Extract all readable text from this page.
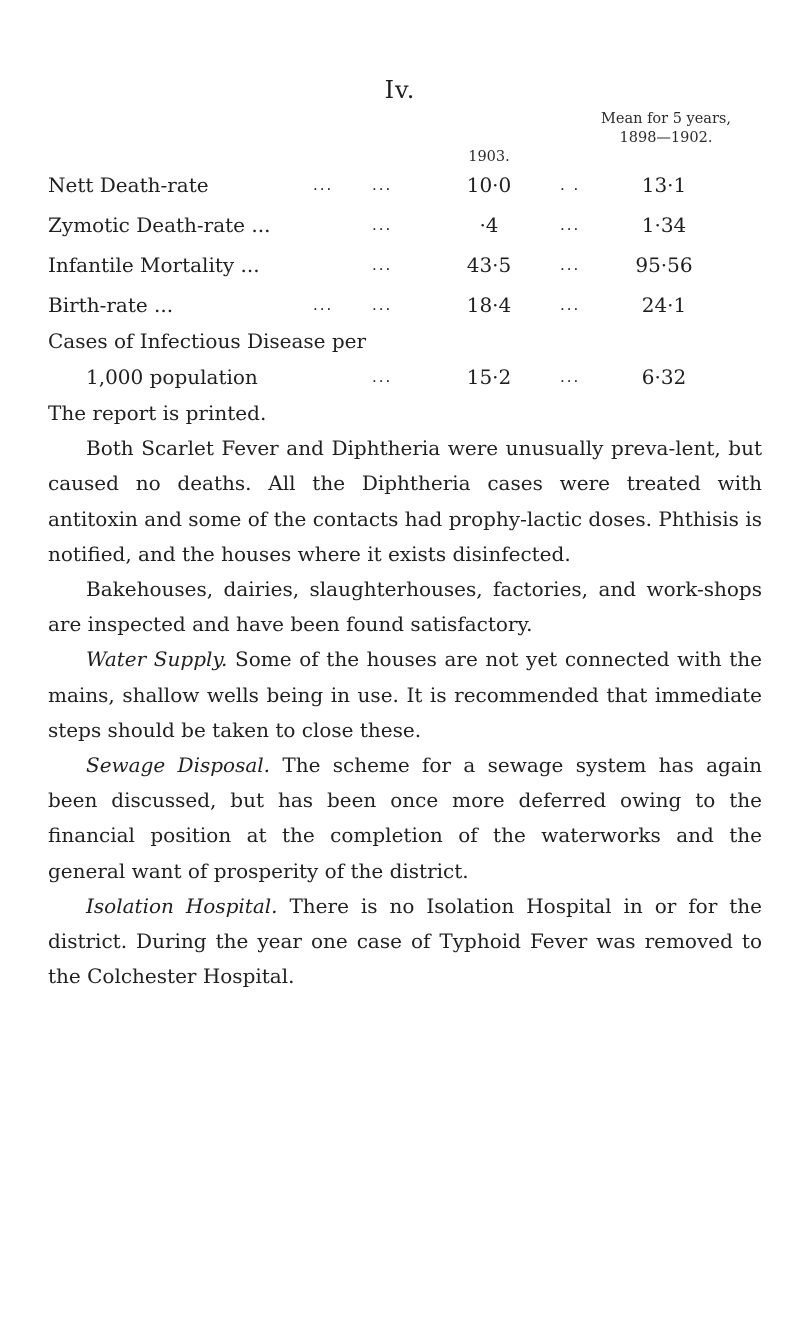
Iv.
1903.
Mean for 5 years,
1898—1902.
Nett Death-rate	...	...	10·0	. .	13·1
Zymotic Death-rate ...	...	·4	...	1·34
Infantile Mortality ...	...	43·5	...	95·56
Birth-rate ...	...	...	18·4	...	24·1
Cases of Infectious Disease per
1,000 population	...	15·2	...	6·32

The report is printed.

Both Scarlet Fever and Diphtheria were unusually preva-lent, but caused no deaths. All the Diphtheria cases were treated with antitoxin and some of the contacts had prophy-lactic doses. Phthisis is notified, and the houses where it exists disinfected.

Bakehouses, dairies, slaughterhouses, factories, and work-shops are inspected and have been found satisfactory.

Water Supply. Some of the houses are not yet connected with the mains, shallow wells being in use. It is recommended that immediate steps should be taken to close these.

Sewage Disposal. The scheme for a sewage system has again been discussed, but has been once more deferred owing to the financial position at the completion of the waterworks and the general want of prosperity of the district.

Isolation Hospital. There is no Isolation Hospital in or for the district. During the year one case of Typhoid Fever was removed to the Colchester Hospital.
